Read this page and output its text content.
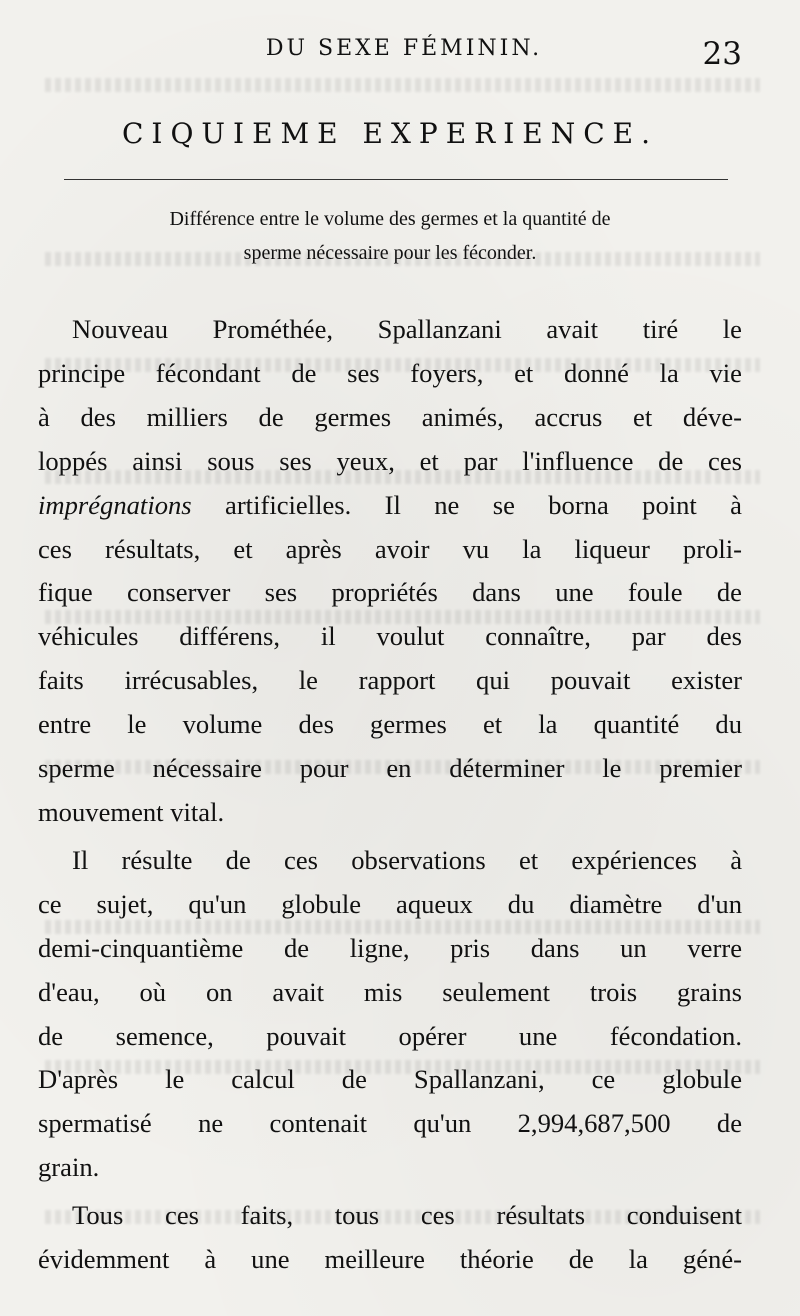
DU SEXE FÉMININ.	23
CIQUIEME EXPERIENCE.
Différence entre le volume des germes et la quantité de
sperme nécessaire pour les féconder.

Nouveau Prométhée, Spallanzani avait tiré le
principe fécondant de ses foyers, et donné la vie
à des milliers de germes animés, accrus et déve-
loppés ainsi sous ses yeux, et par l'influence de ces
imprégnations artificielles. Il ne se borna point à
ces résultats, et après avoir vu la liqueur proli-
fique conserver ses propriétés dans une foule de
véhicules différens, il voulut connaître, par des
faits irrécusables, le rapport qui pouvait exister
entre le volume des germes et la quantité du
sperme nécessaire pour en déterminer le premier
mouvement vital.

Il résulte de ces observations et expériences à
ce sujet, qu'un globule aqueux du diamètre d'un
demi-cinquantième de ligne, pris dans un verre
d'eau, où on avait mis seulement trois grains
de semence, pouvait opérer une fécondation.
D'après le calcul de Spallanzani, ce globule
spermatisé ne contenait qu'un 2,994,687,500 de
grain.

Tous ces faits, tous ces résultats conduisent
évidemment à une meilleure théorie de la géné-
